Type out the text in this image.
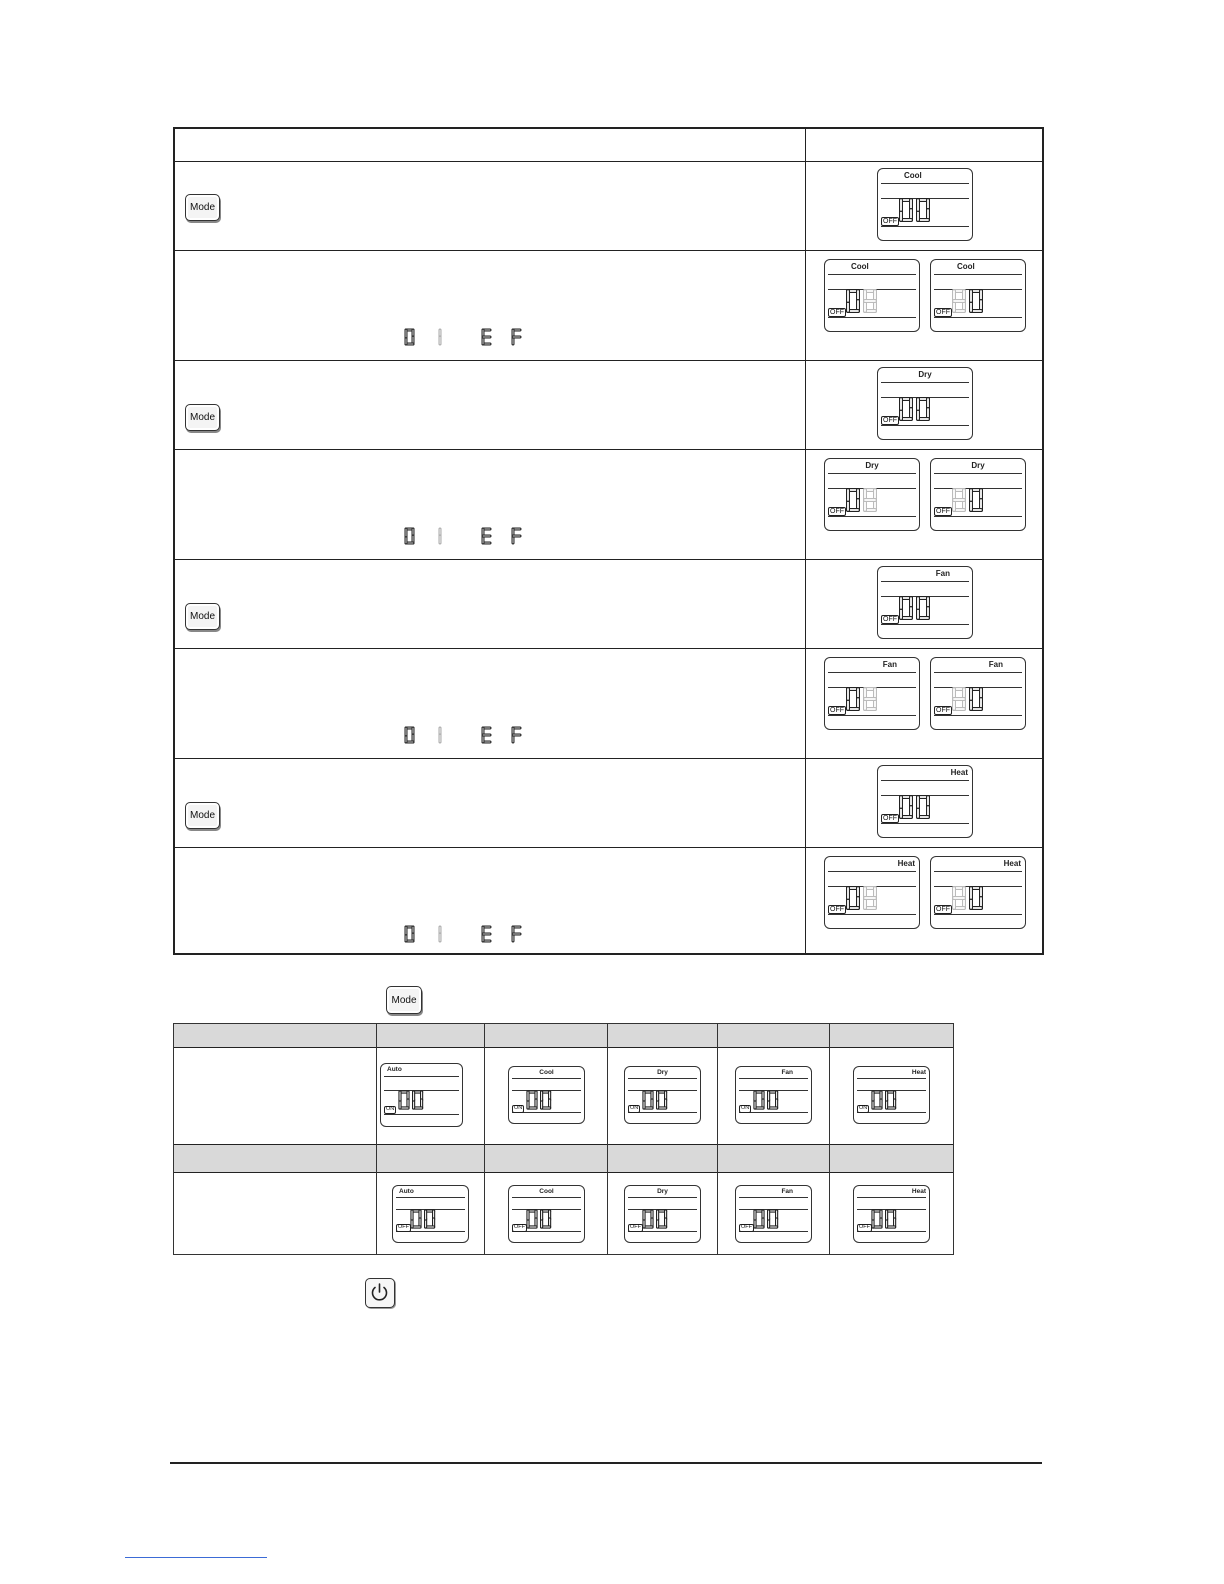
Mode
Mode
Mode
Mode
Cool
OFF
Cool
OFF
Cool
OFF
Dry
OFF
Dry
OFF
Dry
OFF
Fan
OFF
Fan
OFF
Fan
OFF
Heat
OFF
Heat
OFF
Heat
OFF
Mode
Auto
ON
Cool
ON
Dry
ON
Fan
ON
Heat
ON
Auto
OFF
Cool
OFF
Dry
OFF
Fan
OFF
Heat
OFF
